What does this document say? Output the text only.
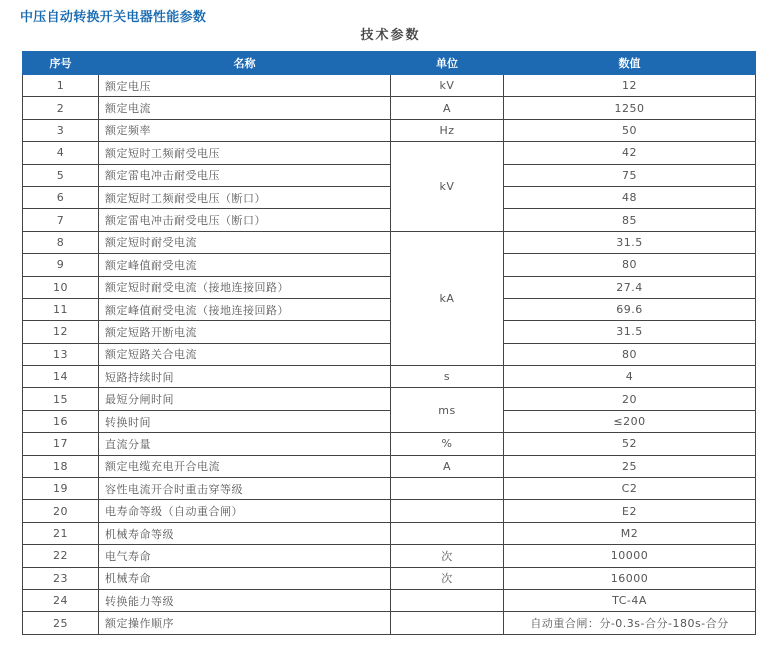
中压自动转换开关电器性能参数
技术参数
序号	名称	单位	数值
1	额定电压	kV	12
2	额定电流	A	1250
3	额定频率	Hz	50
4	额定短时工频耐受电压	kV	42
5	额定雷电冲击耐受电压		75
6	额定短时工频耐受电压（断口）		48
7	额定雷电冲击耐受电压（断口）		85
8	额定短时耐受电流	kA	31.5
9	额定峰值耐受电流		80
10	额定短时耐受电流（接地连接回路）		27.4
11	额定峰值耐受电流（接地连接回路）		69.6
12	额定短路开断电流		31.5
13	额定短路关合电流		80
14	短路持续时间	s	4
15	最短分闸时间	ms	20
16	转换时间		≤200
17	直流分量	%	52
18	额定电缆充电开合电流	A	25
19	容性电流开合时重击穿等级		C2
20	电寿命等级（自动重合闸）		E2
21	机械寿命等级		M2
22	电气寿命	次	10000
23	机械寿命	次	16000
24	转换能力等级		TC-4A
25	额定操作顺序		自动重合闸：分-0.3s-合分-180s-合分
